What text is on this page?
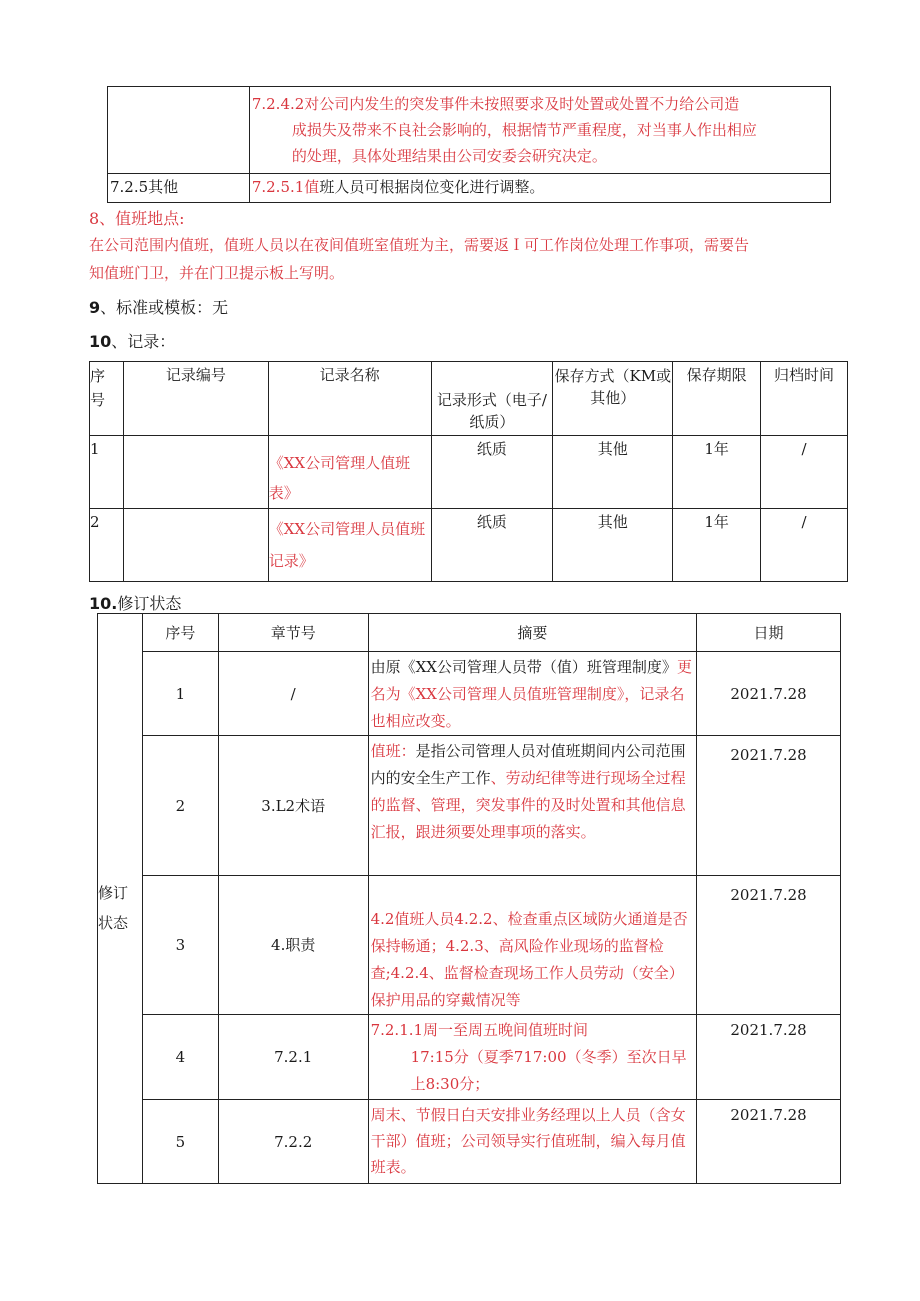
	7.2.4.2对公司内发生的突发事件未按照要求及时处置或处置不力给公司造
成损失及带来不良社会影响的，根据情节严重程度，对当事人作出相应
的处理，具体处理结果由公司安委会研究决定。

7.2.5其他	7.2.5.1值班人员可根据岗位变化进行调整。
8、值班地点:
在公司范围内值班，值班人员以在夜间值班室值班为主，需要返Ｉ可工作岗位处理工作事项，需要告
知值班门卫，并在门卫提示板上写明。
9、标准或模板：无
10、记录：
序
号	记录编号	记录名称	记录形式（电子/纸质）	保存方式（KM或其他）	保存期限	归档时间
1		《XX公司管理人值班表》	纸质	其他	1年	/
2		《XX公司管理人员值班记录》	纸质	其他	1年	/
10.修订状态
修订
状态	序号	章节号	摘要	日期
	1	/	由原《XX公司管理人员带（值）班管理制度》更名为《XX公司管理人员值班管理制度》，记录名也相应改变。	2021.7.28
	2	3.L2术语	值班：是指公司管理人员对值班期间内公司范围内的安全生产工作、劳动纪律等进行现场全过程的监督、管理，突发事件的及时处置和其他信息汇报，跟进须要处理事项的落实。	2021.7.28
	3	4.职责	4.2值班人员4.2.2、检查重点区域防火通道是否保持畅通；4.2.3、高风险作业现场的监督检查;4.2.4、监督检查现场工作人员劳动（安全）保护用品的穿戴情况等	2021.7.28
	4	7.2.1	7.2.1.1周一至周五晚间值班时间
17:15分（夏季717:00（冬季）至次日早上8:30分；	2021.7.28
	5	7.2.2	周末、节假日白天安排业务经理以上人员（含女干部）值班；公司领导实行值班制，编入每月值班表。	2021.7.28
